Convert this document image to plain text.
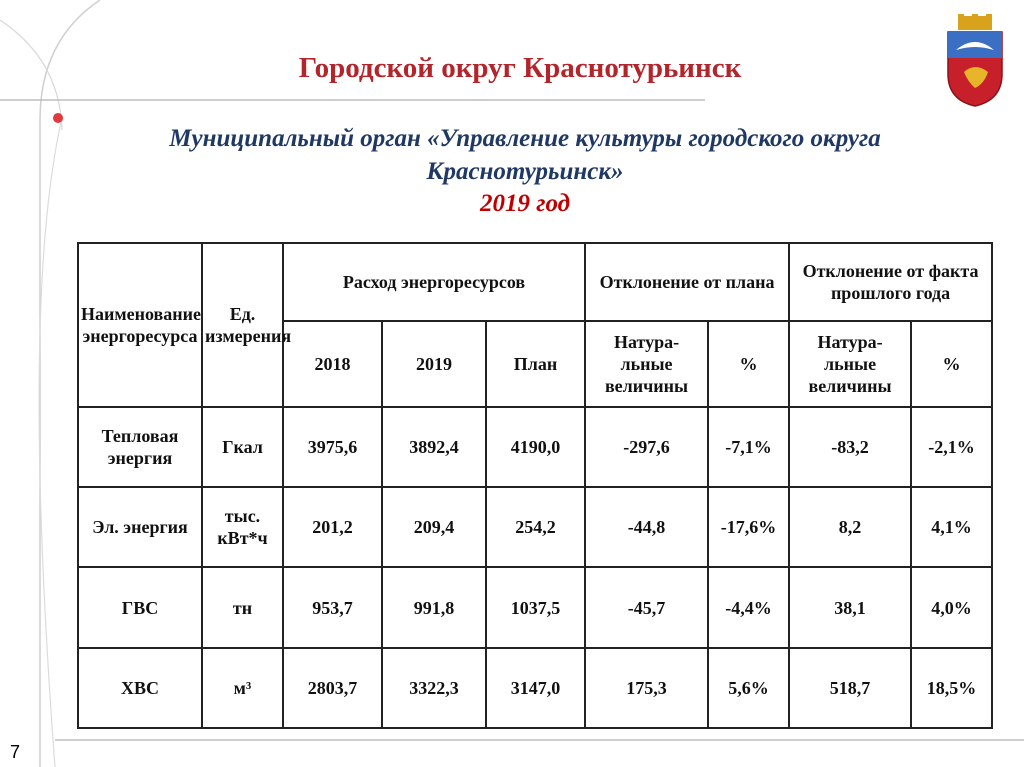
Городской округ Краснотурьинск
Муниципальный орган «Управление культуры городского округа
Краснотурьинск»
2019 год
Наименование энергоресурса	Ед. измерения	Расход энергоресурсов			Отклонение от плана		Отклонение от факта прошлого года	
		2018	2019	План	Натура-льные величины	%	Натура-льные величины	%
Тепловая энергия	Гкал	3975,6	3892,4	4190,0	-297,6	-7,1%	-83,2	-2,1%
Эл. энергия	тыс. кВт*ч	201,2	209,4	254,2	-44,8	-17,6%	8,2	4,1%
ГВС	тн	953,7	991,8	1037,5	-45,7	-4,4%	38,1	4,0%
ХВС	м³	2803,7	3322,3	3147,0	175,3	5,6%	518,7	18,5%
7
